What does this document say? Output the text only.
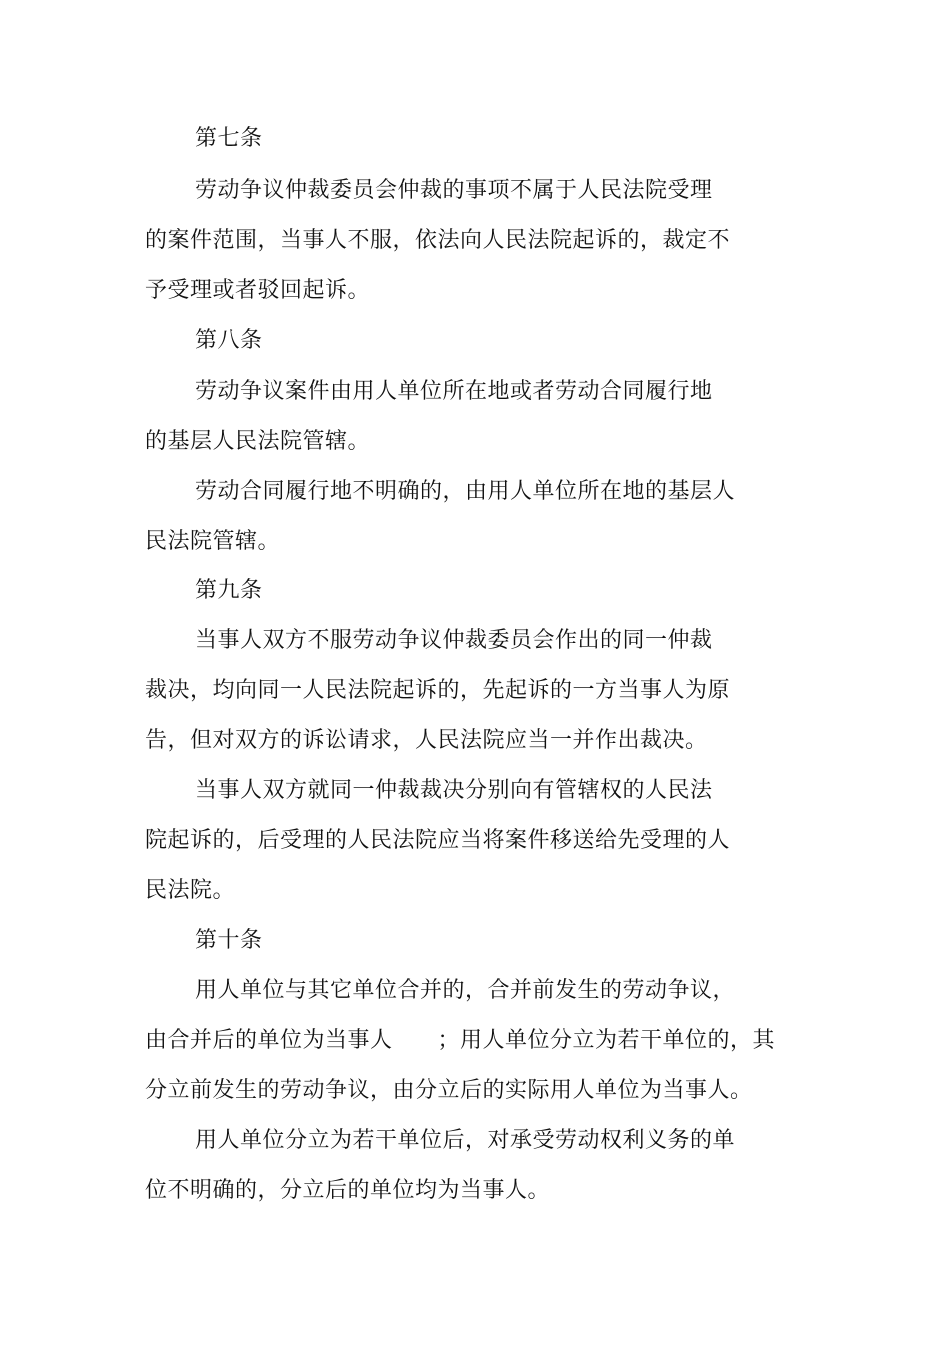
第七条
劳动争议仲裁委员会仲裁的事项不属于人民法院受理
的案件范围，当事人不服，依法向人民法院起诉的，裁定不
予受理或者驳回起诉。
第八条
劳动争议案件由用人单位所在地或者劳动合同履行地
的基层人民法院管辖。
劳动合同履行地不明确的，由用人单位所在地的基层人
民法院管辖。
第九条
当事人双方不服劳动争议仲裁委员会作出的同一仲裁
裁决，均向同一人民法院起诉的，先起诉的一方当事人为原
告，但对双方的诉讼请求，人民法院应当一并作出裁决。
当事人双方就同一仲裁裁决分别向有管辖权的人民法
院起诉的，后受理的人民法院应当将案件移送给先受理的人
民法院。
第十条
用人单位与其它单位合并的，合并前发生的劳动争议，
由合并后的单位为当事人　　；用人单位分立为若干单位的，其
分立前发生的劳动争议，由分立后的实际用人单位为当事人。
用人单位分立为若干单位后，对承受劳动权利义务的单
位不明确的，分立后的单位均为当事人。
